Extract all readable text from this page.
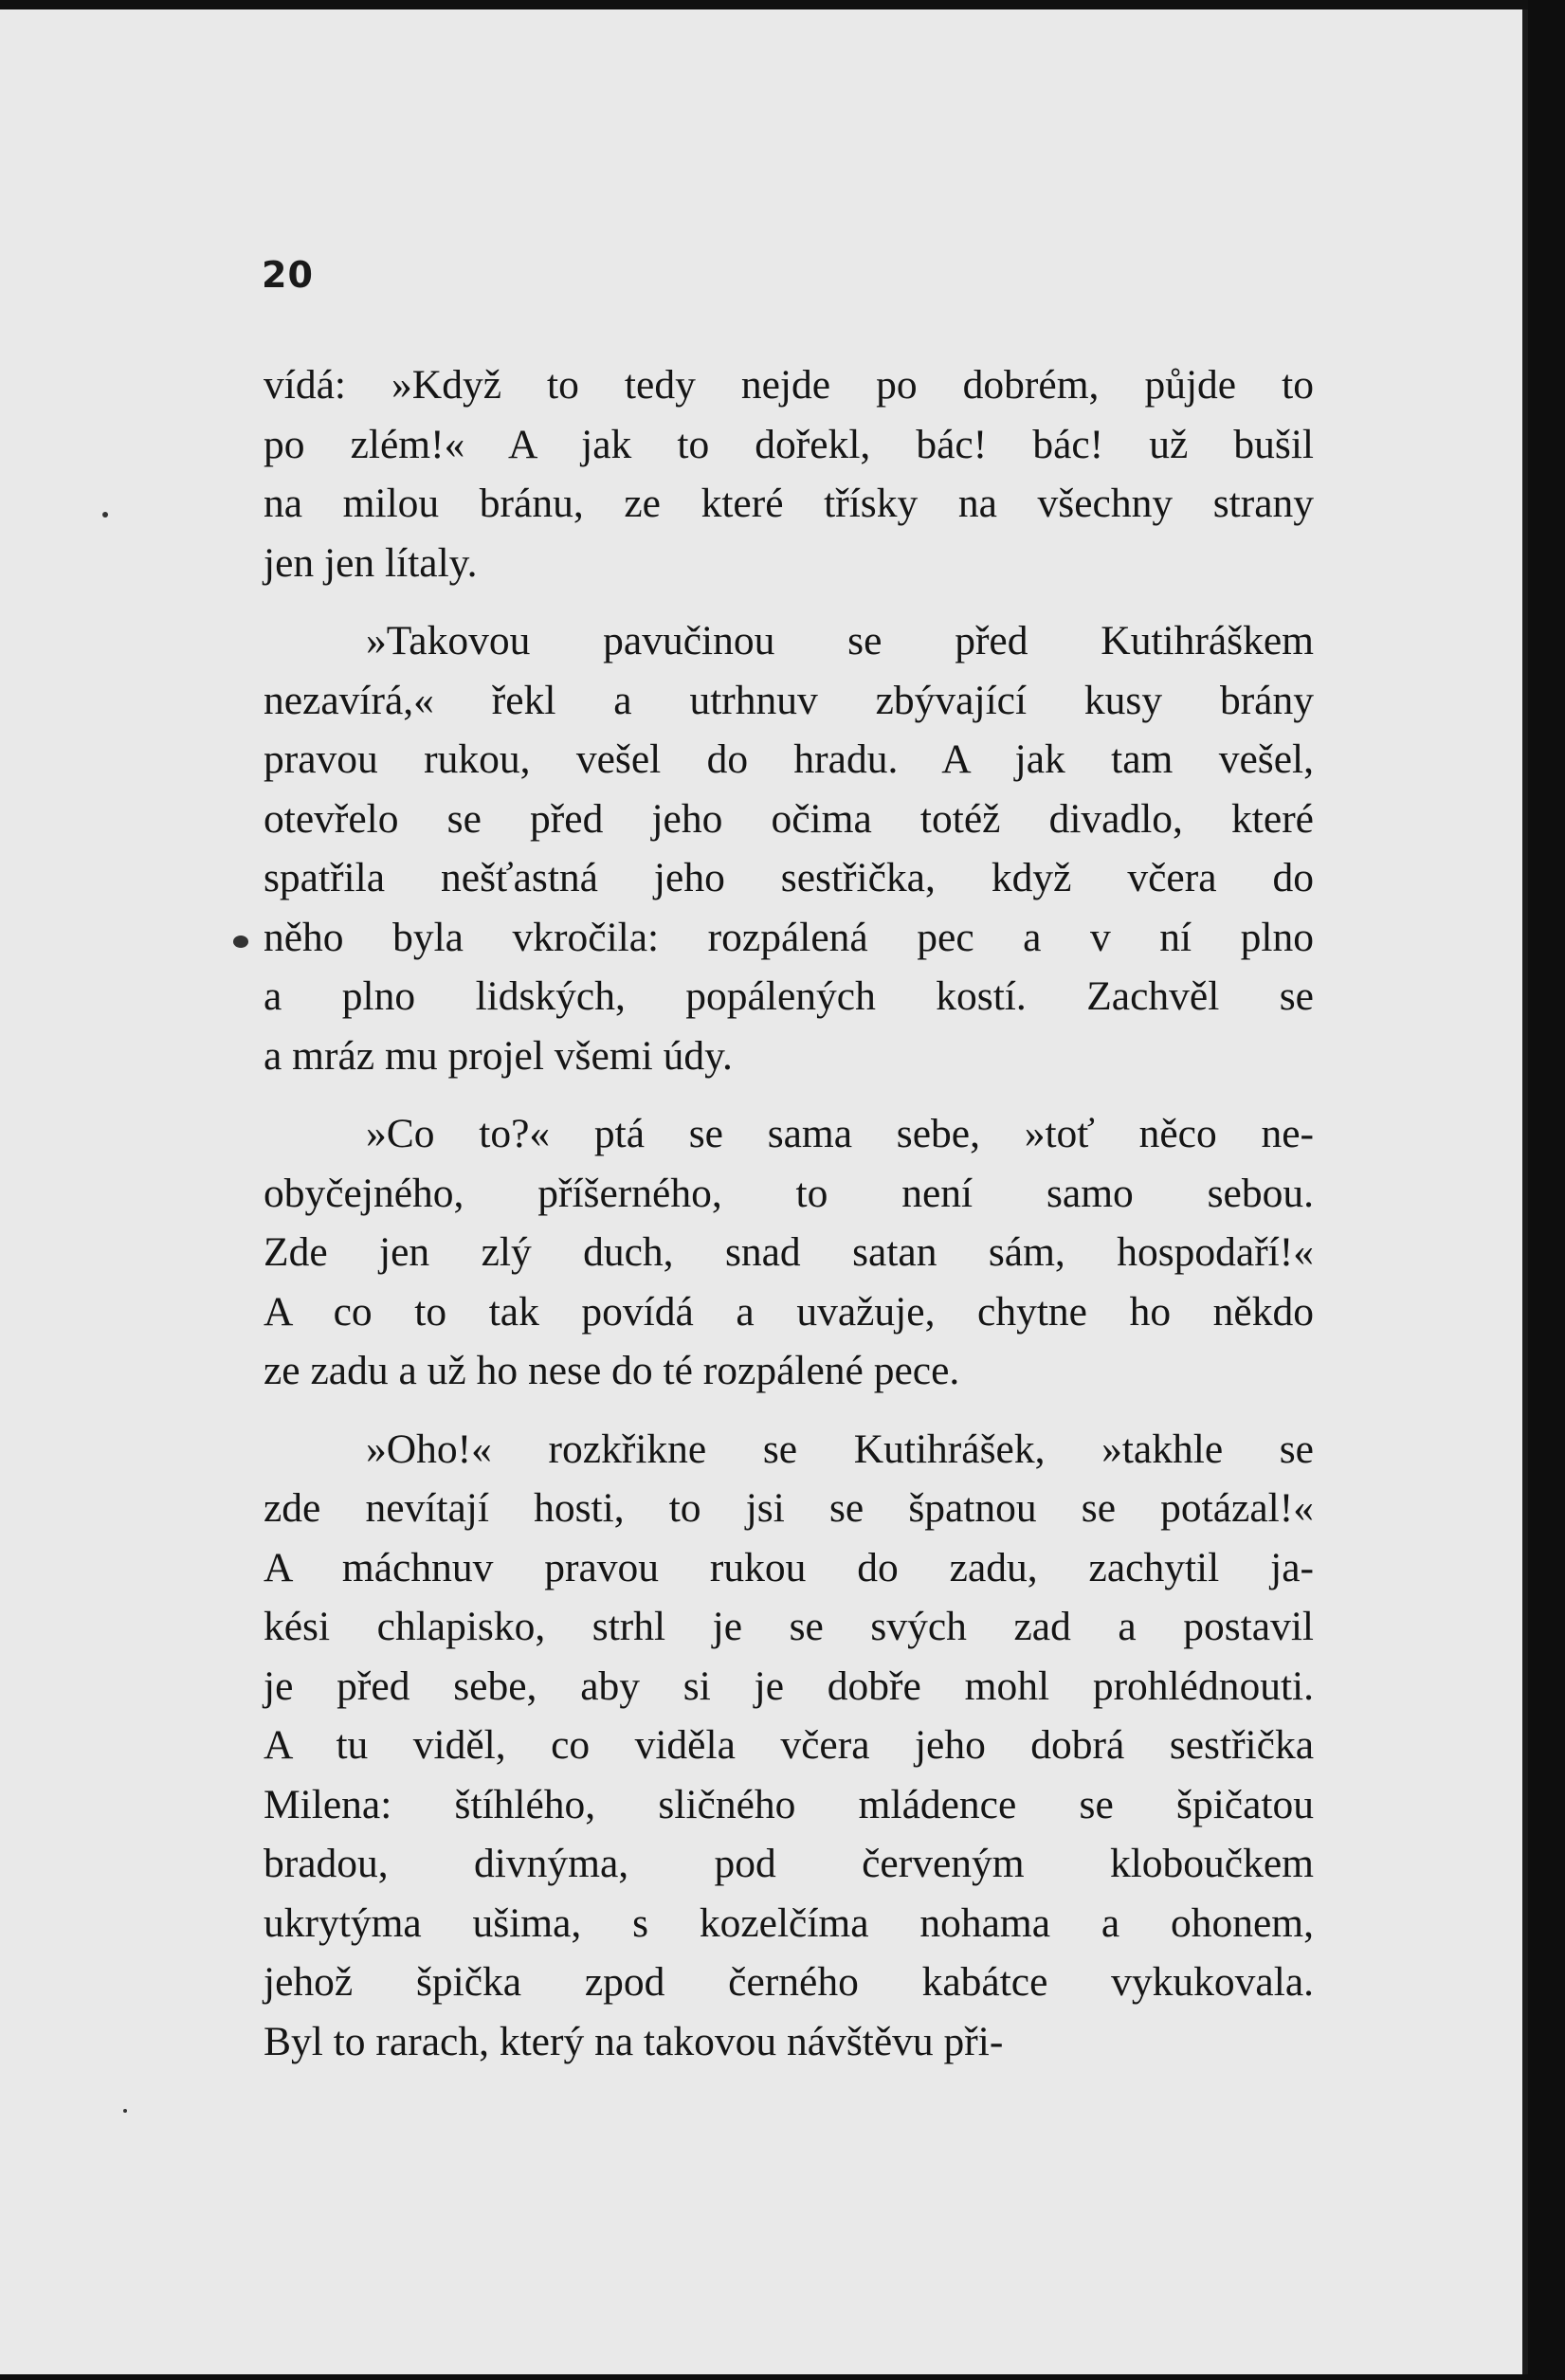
20
vídá: »Když to tedy nejde po dobrém, půjde to
po zlém!« A jak to dořekl, bác! bác! už bušil
na milou bránu, ze které třísky na všechny strany
jen jen lítaly.
»Takovou pavučinou se před Kutihráškem
nezavírá,« řekl a utrhnuv zbývající kusy brány
pravou rukou, vešel do hradu. A jak tam vešel,
otevřelo se před jeho očima totéž divadlo, které
spatřila nešťastná jeho sestřička, když včera do
něho byla vkročila: rozpálená pec a v ní plno
a plno lidských, popálených kostí. Zachvěl se
a mráz mu projel všemi údy.
»Co to?« ptá se sama sebe, »toť něco ne-
obyčejného, příšerného, to není samo sebou.
Zde jen zlý duch, snad satan sám, hospodaří!«
A co to tak povídá a uvažuje, chytne ho někdo
ze zadu a už ho nese do té rozpálené pece.
»Oho!« rozkřikne se Kutihrášek, »takhle se
zde nevítají hosti, to jsi se špatnou se potázal!«
A máchnuv pravou rukou do zadu, zachytil ja-
kési chlapisko, strhl je se svých zad a postavil
je před sebe, aby si je dobře mohl prohlédnouti.
A tu viděl, co viděla včera jeho dobrá sestřička
Milena: štíhlého, sličného mládence se špičatou
bradou, divnýma, pod červeným kloboučkem
ukrytýma ušima, s kozelčíma nohama a ohonem,
jehož špička zpod černého kabátce vykukovala.
Byl to rarach, který na takovou návštěvu při-
